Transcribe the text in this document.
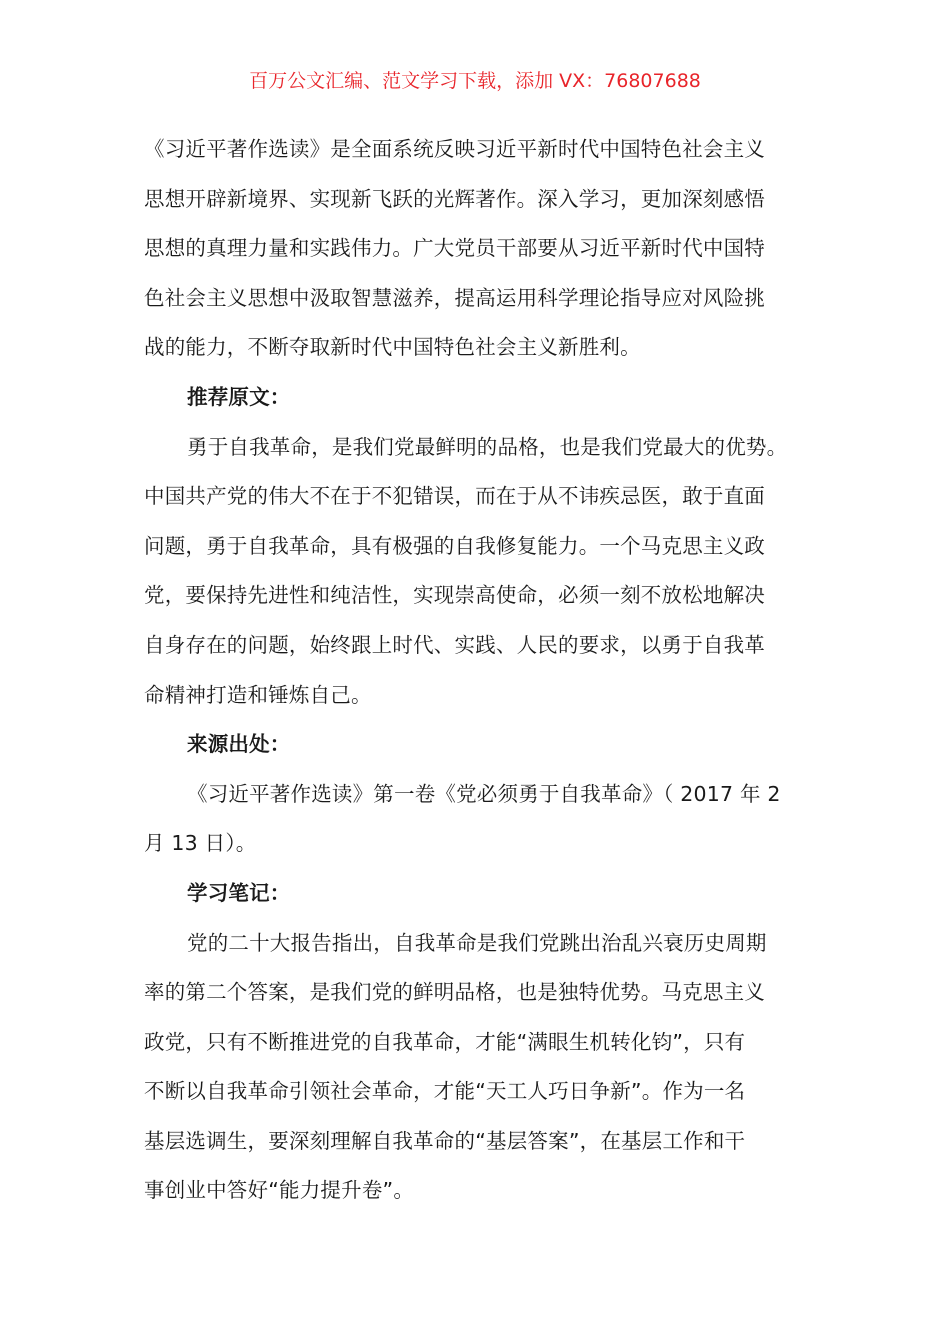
百万公文汇编、范文学习下载，添加 VX：76807688
《习近平著作选读》是全面系统反映习近平新时代中国特色社会主义
思想开辟新境界、实现新飞跃的光辉著作。深入学习，更加深刻感悟
思想的真理力量和实践伟力。广大党员干部要从习近平新时代中国特
色社会主义思想中汲取智慧滋养，提高运用科学理论指导应对风险挑
战的能力，不断夺取新时代中国特色社会主义新胜利。
推荐原文：
勇于自我革命，是我们党最鲜明的品格，也是我们党最大的优势。
中国共产党的伟大不在于不犯错误，而在于从不讳疾忌医，敢于直面
问题，勇于自我革命，具有极强的自我修复能力。一个马克思主义政
党，要保持先进性和纯洁性，实现崇高使命，必须一刻不放松地解决
自身存在的问题，始终跟上时代、实践、人民的要求，以勇于自我革
命精神打造和锤炼自己。
来源出处：
《习近平著作选读》第一卷《党必须勇于自我革命》（ 2017 年 2
月 13 日）。
学习笔记：
党的二十大报告指出，自我革命是我们党跳出治乱兴衰历史周期
率的第二个答案，是我们党的鲜明品格，也是独特优势。马克思主义
政党，只有不断推进党的自我革命，才能“满眼生机转化钧”，只有
不断以自我革命引领社会革命，才能“天工人巧日争新”。作为一名
基层选调生，要深刻理解自我革命的“基层答案”，在基层工作和干
事创业中答好“能力提升卷”。
